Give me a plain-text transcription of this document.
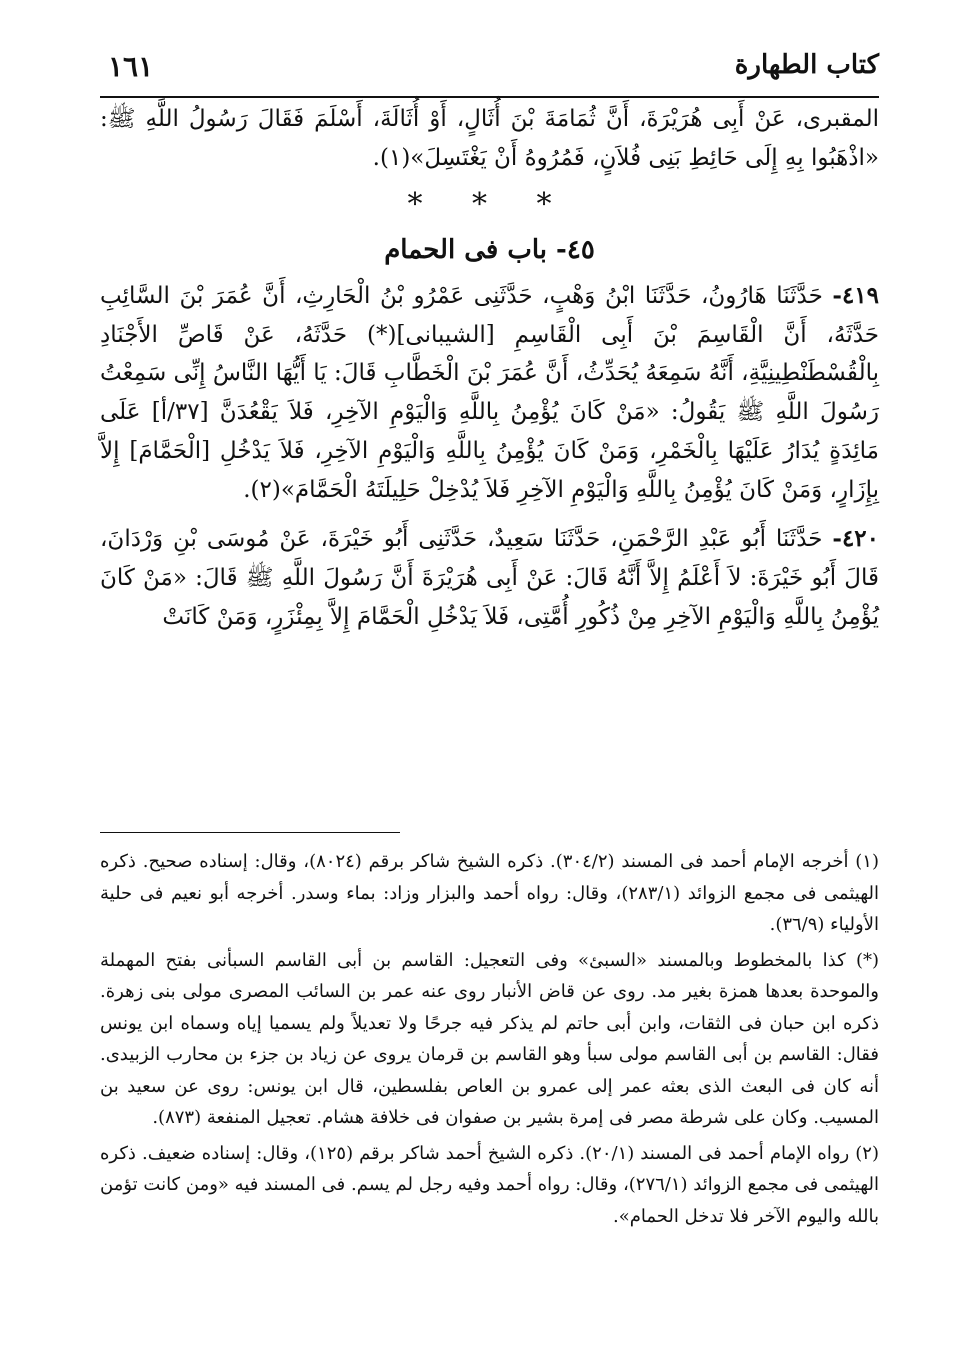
كتاب الطهارة
١٦١

المقبرى، عَنْ أَبِى هُرَيْرَةَ، أَنَّ ثُمَامَةَ بْنَ أُثَالٍ، أَوْ أُثَالَةَ، أَسْلَمَ فَقَالَ رَسُولُ اللَّهِ ﷺ: «اذْهَبُوا بِهِ إِلَى حَائِطِ بَنِى فُلاَنٍ، فَمُرُوهُ أَنْ يَغْتَسِلَ»(١).

* * *
٤٥- باب فى الحمام

٤١٩- حَدَّثَنَا هَارُونُ، حَدَّثَنَا ابْنُ وَهْبٍ، حَدَّثَنِى عَمْرُو بْنُ الْحَارِثِ، أَنَّ عُمَرَ بْنَ السَّائِبِ حَدَّثَهُ، أَنَّ الْقَاسِمَ بْنَ أَبِى الْقَاسِمِ [الشيبانى](*) حَدَّثَهُ، عَنْ قَاصِّ الأَجْنَادِ بِالْقُسْطَنْطِينِيَّةِ، أَنَّهُ سَمِعَهُ يُحَدِّثُ، أَنَّ عُمَرَ بْنَ الْخَطَّابِ قَالَ: يَا أَيُّهَا النَّاسُ إِنِّى سَمِعْتُ رَسُولَ اللَّهِ ﷺ يَقُولُ: «مَنْ كَانَ يُؤْمِنُ بِاللَّهِ وَالْيَوْمِ الآخِرِ، فَلاَ يَقْعُدَنَّ [٣٧/أ] عَلَى مَائِدَةٍ يُدَارُ عَلَيْهَا بِالْخَمْرِ، وَمَنْ كَانَ يُؤْمِنُ بِاللَّهِ وَالْيَوْمِ الآخِرِ، فَلاَ يَدْخُلِ [الْحَمَّامَ] إِلاَّ بِإِزَارٍ، وَمَنْ كَانَ يُؤْمِنُ بِاللَّهِ وَالْيَوْمِ الآخِرِ فَلاَ يُدْخِلْ حَلِيلَتَهُ الْحَمَّامَ»(٢).

٤٢٠- حَدَّثَنَا أَبُو عَبْدِ الرَّحْمَنِ، حَدَّثَنَا سَعِيدٌ، حَدَّثَنِى أَبُو خَيْرَةَ، عَنْ مُوسَى بْنِ وَرْدَانَ، قَالَ أَبُو خَيْرَةَ: لاَ أَعْلَمُ إِلاَّ أَنَّهُ قَالَ: عَنْ أَبِى هُرَيْرَةَ أَنَّ رَسُولَ اللَّهِ ﷺ قَالَ: «مَنْ كَانَ يُؤْمِنُ بِاللَّهِ وَالْيَوْمِ الآخِرِ مِنْ ذُكُورِ أُمَّتِى، فَلاَ يَدْخُلِ الْحَمَّامَ إِلاَّ بِمِئْزَرٍ، وَمَنْ كَانَتْ

(١) أخرجه الإمام أحمد فى المسند (٣٠٤/٢). ذكره الشيخ شاكر برقم (٨٠٢٤)، وقال: إسناده صحيح. ذكره الهيثمى فى مجمع الزوائد (٢٨٣/١)، وقال: رواه أحمد والبزار وزاد: بماء وسدر. أخرجه أبو نعيم فى حلية الأولياء (٣٦/٩).

(*) كذا بالمخطوط وبالمسند «السبئ» وفى التعجيل: القاسم بن أبى القاسم السبأنى بفتح المهملة والموحدة بعدها همزة بغير مد. روى عن قاض الأنبار روى عنه عمر بن السائب المصرى مولى بنى زهرة. ذكره ابن حبان فى الثقات، وابن أبى حاتم لم يذكر فيه جرحًا ولا تعديلاً ولم يسميا إياه وسماه ابن يونس فقال: القاسم بن أبى القاسم مولى سبأ وهو القاسم بن قرمان يروى عن زياد بن جزء بن محارب الزبيدى. أنه كان فى البعث الذى بعثه عمر إلى عمرو بن العاص بفلسطين، قال ابن يونس: روى عن سعيد بن المسيب. وكان على شرطة مصر فى إمرة بشير بن صفوان فى خلافة هشام. تعجيل المنفعة (٨٧٣).

(٢) رواه الإمام أحمد فى المسند (٢٠/١). ذكره الشيخ أحمد شاكر برقم (١٢٥)، وقال: إسناده ضعيف. ذكره الهيثمى فى مجمع الزوائد (٢٧٦/١)، وقال: رواه أحمد وفيه رجل لم يسم. فى المسند فيه «ومن كانت تؤمن بالله واليوم الآخر فلا تدخل الحمام».
